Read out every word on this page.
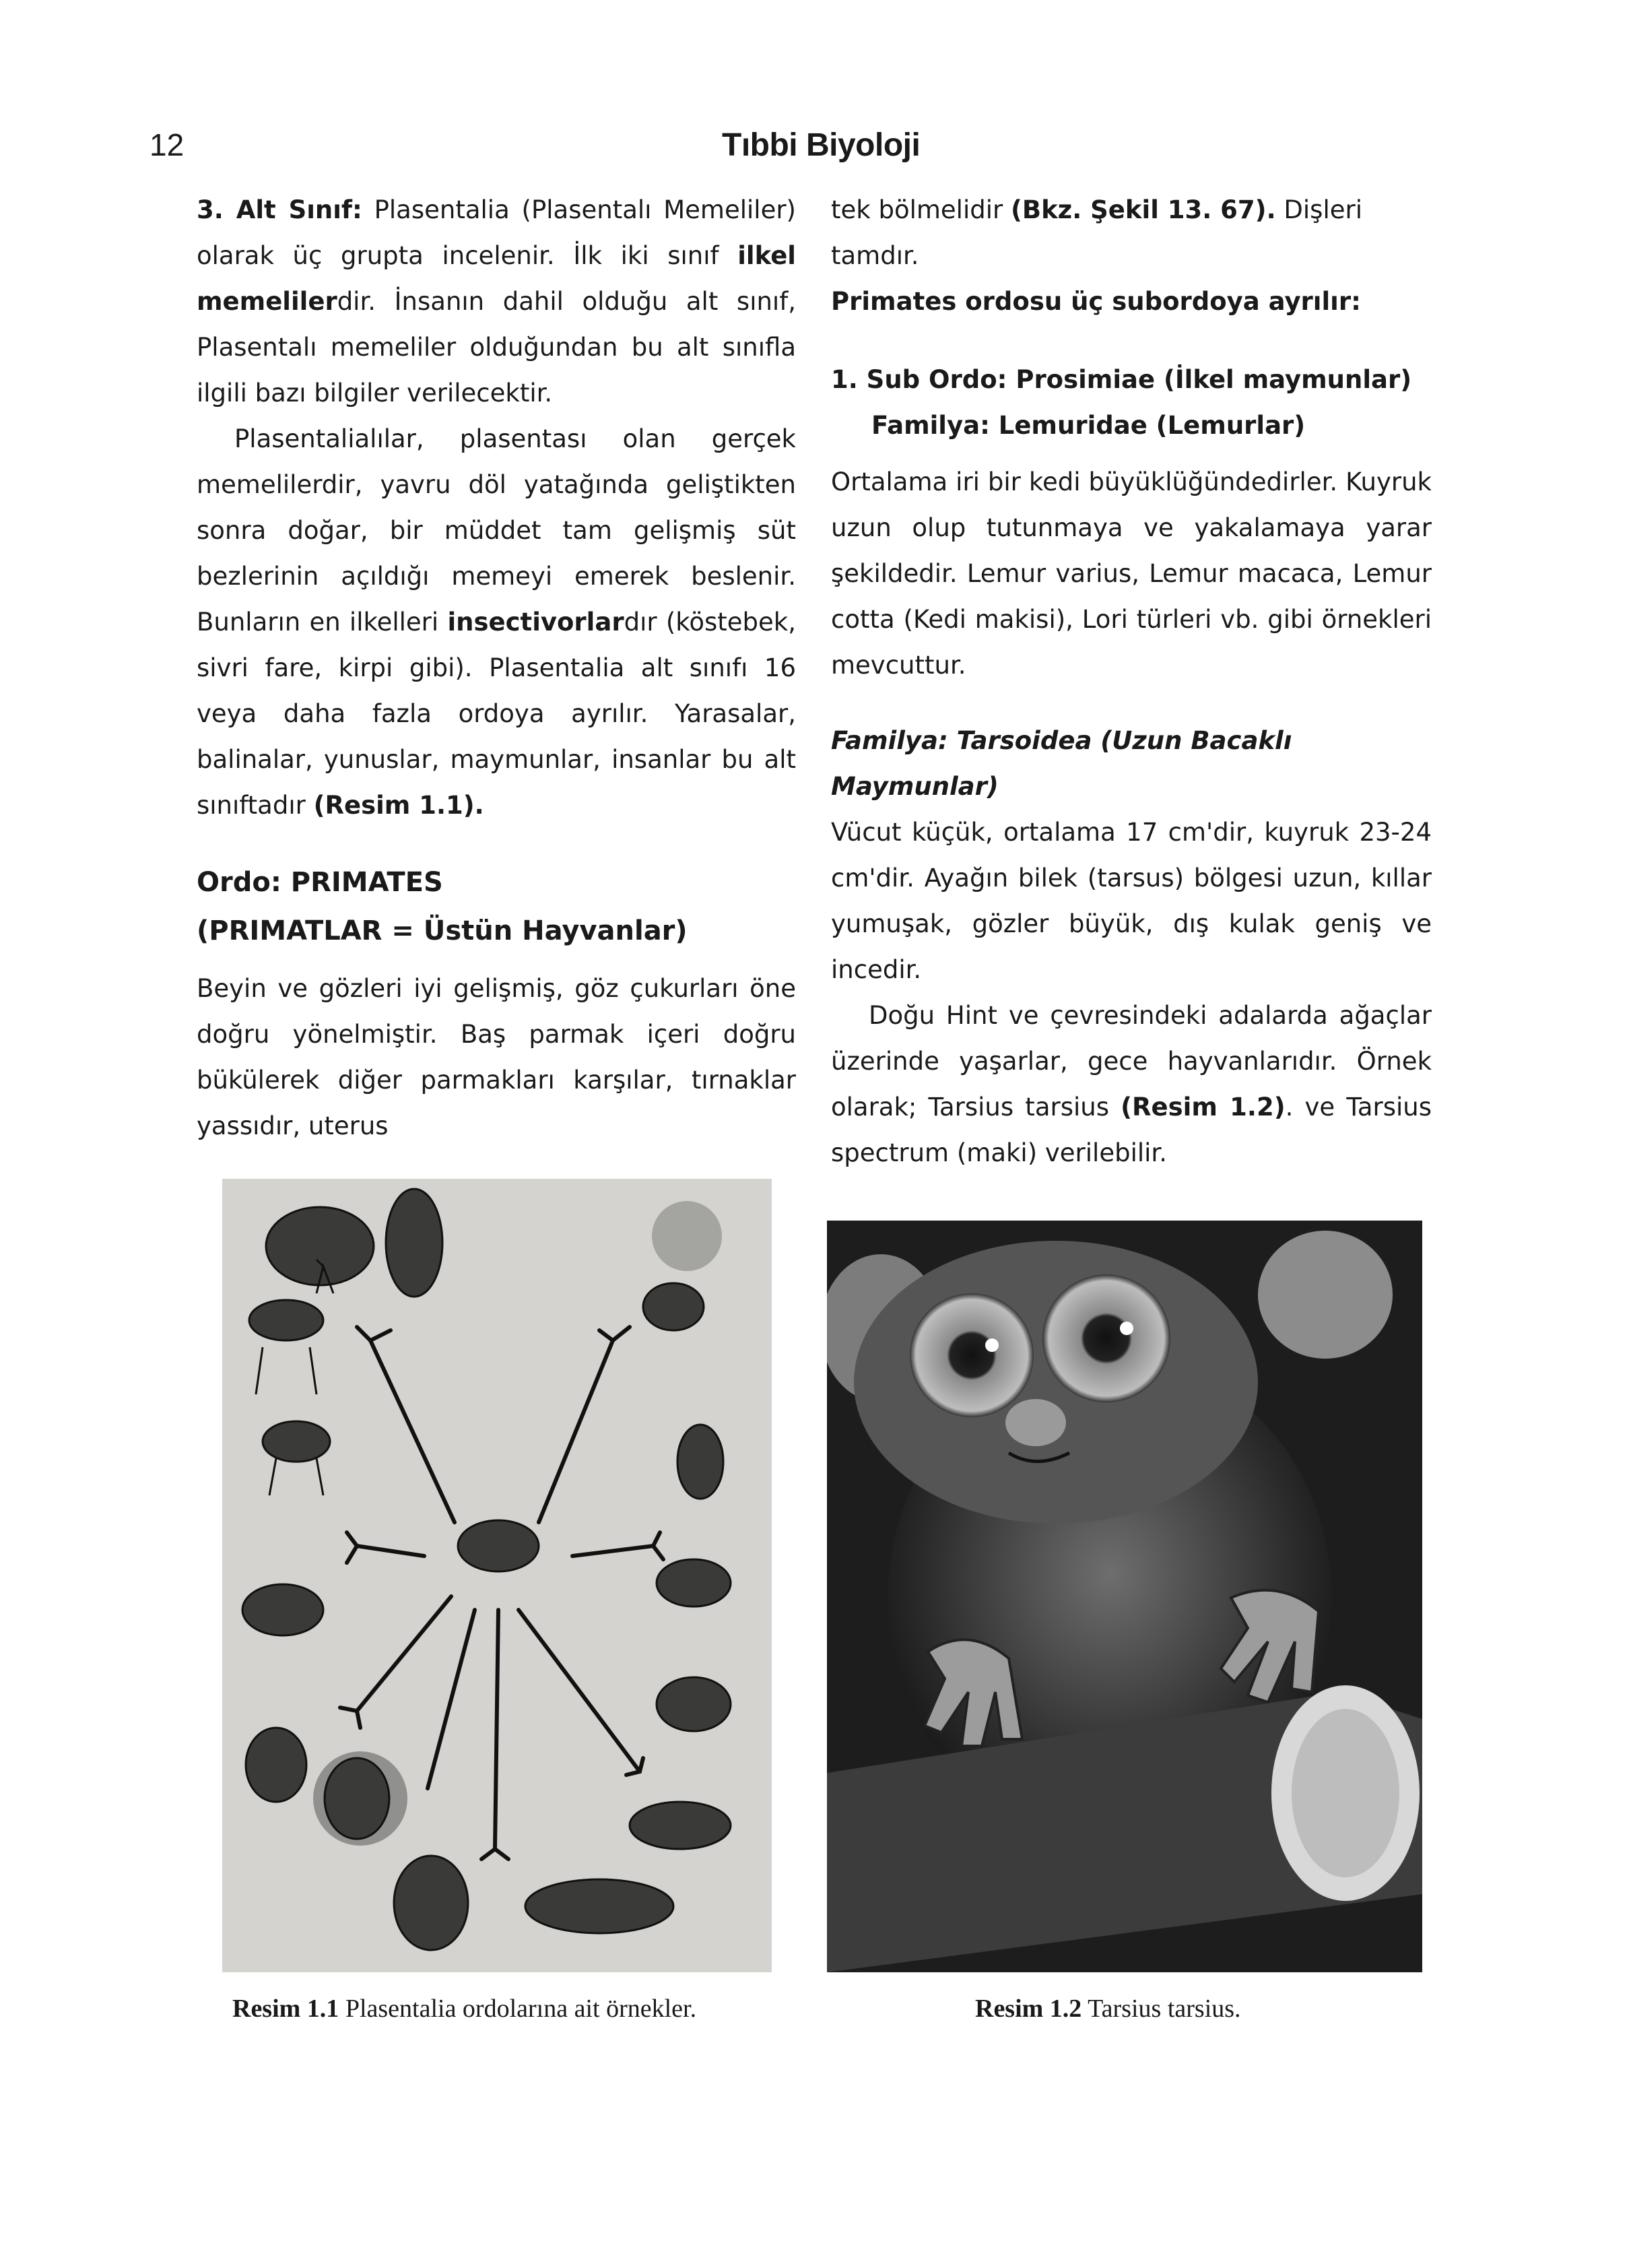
12	Tıbbi Biyoloji

3. Alt Sınıf: Plasentalia (Plasentalı Memeliler) olarak üç grupta incelenir. İlk iki sınıf ilkel memelilerdir. İnsanın dahil olduğu alt sınıf, Plasentalı memeliler olduğundan bu alt sınıfla ilgili bazı bilgiler verilecektir.

Plasentalialılar, plasentası olan gerçek memelilerdir, yavru döl yatağında geliştikten sonra doğar, bir müddet tam gelişmiş süt bezlerinin açıldığı memeyi emerek beslenir. Bunların en ilkelleri insectivorlardır (köstebek, sivri fare, kirpi gibi). Plasentalia alt sınıfı 16 veya daha fazla ordoya ayrılır. Yarasalar, balinalar, yunuslar, maymunlar, insanlar bu alt sınıftadır (Resim 1.1).

Ordo: PRIMATES

(PRIMATLAR = Üstün Hayvanlar)

Beyin ve gözleri iyi gelişmiş, göz çukurları öne doğru yönelmiştir. Baş parmak içeri doğru bükülerek diğer parmakları karşılar, tırnaklar yassıdır, uterus

tek bölmelidir (Bkz. Şekil 13. 67). Dişleri tamdır.

Primates ordosu üç subordoya ayrılır:

1. Sub Ordo: Prosimiae (İlkel maymunlar)

Familya: Lemuridae (Lemurlar)

Ortalama iri bir kedi büyüklüğündedirler. Kuyruk uzun olup tutunmaya ve yakalamaya yarar şekildedir. Lemur varius, Lemur macaca, Lemur cotta (Kedi makisi), Lori türleri vb. gibi örnekleri mevcuttur.

Familya: Tarsoidea (Uzun Bacaklı Maymunlar)

Vücut küçük, ortalama 17 cm'dir, kuyruk 23-24 cm'dir. Ayağın bilek (tarsus) bölgesi uzun, kıllar yumuşak, gözler büyük, dış kulak geniş ve incedir.

Doğu Hint ve çevresindeki adalarda ağaçlar üzerinde yaşarlar, gece hayvanlarıdır. Örnek olarak; Tarsius tarsius (Resim 1.2). ve Tarsius spectrum (maki) verilebilir.

Resim 1.1 Plasentalia ordolarına ait örnekler.	Resim 1.2 Tarsius tarsius.
